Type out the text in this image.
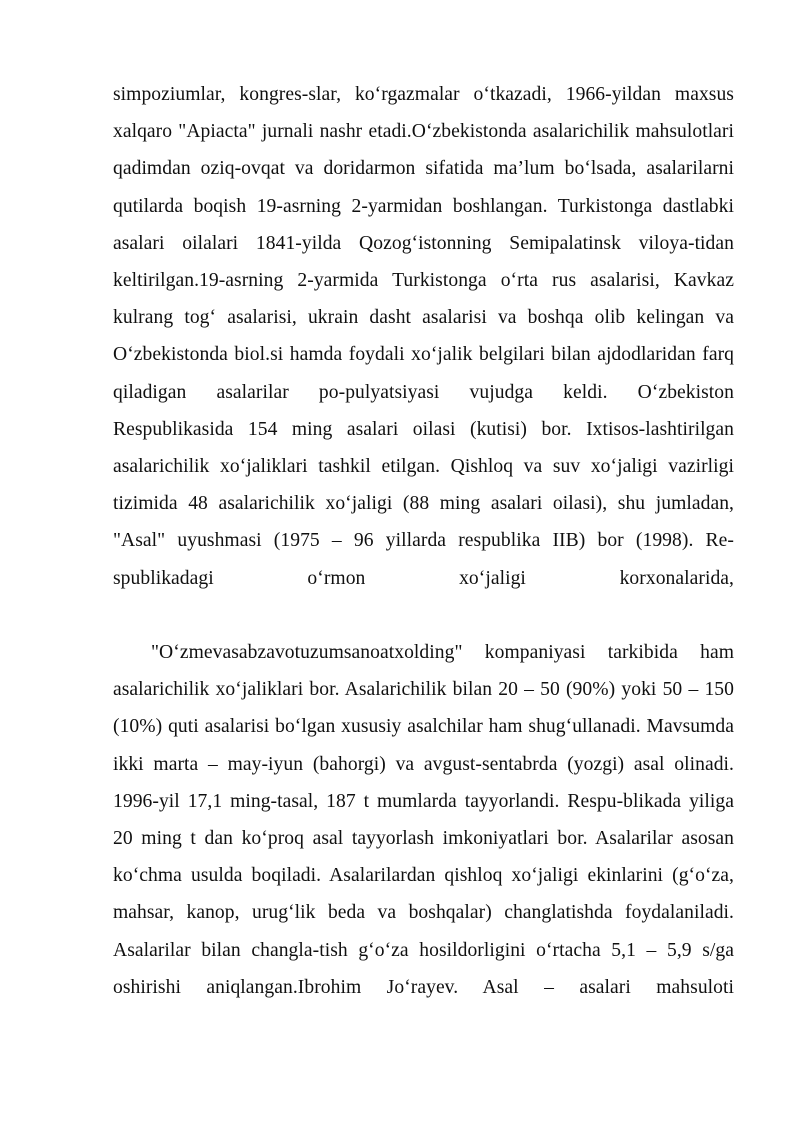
simpoziumlar, kongres-slar, ko‘rgazmalar o‘tkazadi, 1966-yildan maxsus xalqaro "Apiacta" jurnali nashr etadi.O‘zbekistonda asalarichilik mahsulotlari qadimdan oziq-ovqat va doridarmon sifatida ma’lum bo‘lsada, asalarilarni qutilarda boqish 19-asrning 2-yarmidan boshlangan. Turkistonga dastlabki asalari oilalari 1841-yilda Qozog‘istonning Semipalatinsk viloya-tidan keltirilgan.19-asrning 2-yarmida Turkistonga o‘rta rus asalarisi, Kavkaz kulrang tog‘ asalarisi, ukrain dasht asalarisi va boshqa olib kelingan va O‘zbekistonda biol.si hamda foydali xo‘jalik belgilari bilan ajdodlaridan farq qiladigan asalarilar po-pulyatsiyasi vujudga keldi. O‘zbekiston Respublikasida 154 ming asalari oilasi (kutisi) bor. Ixtisos-lashtirilgan asalarichilik xo‘jaliklari tashkil etilgan. Qishloq va suv xo‘jaligi vazirligi tizimida 48 asalarichilik xo‘jaligi (88 ming asalari oilasi), shu jumladan, "Asal" uyushmasi (1975 – 96 yillarda respublika IIB) bor (1998). Re-spublikadagi o‘rmon xo‘jaligi korxonalarida,

"O‘zmevasabzavotuzumsanoatxolding" kompaniyasi tarkibida ham asalarichilik xo‘jaliklari bor. Asalarichilik bilan 20 – 50 (90%) yoki 50 – 150 (10%) quti asalarisi bo‘lgan xususiy asalchilar ham shug‘ullanadi. Mavsumda ikki marta – may-iyun (bahorgi) va avgust-sentabrda (yozgi) asal olinadi. 1996-yil 17,1 ming-tasal, 187 t mumlarda tayyorlandi. Respu-blikada yiliga 20 ming t dan ko‘proq asal tayyorlash imkoniyatlari bor. Asalarilar asosan ko‘chma usulda boqiladi. Asalarilardan qishloq xo‘jaligi ekinlarini (g‘o‘za, mahsar, kanop, urug‘lik beda va boshqalar) changlatishda foydalaniladi. Asalarilar bilan changla-tish g‘o‘za hosildorligini o‘rtacha 5,1 – 5,9 s/ga oshirishi aniqlangan.Ibrohim Jo‘rayev. Asal – asalari mahsuloti
